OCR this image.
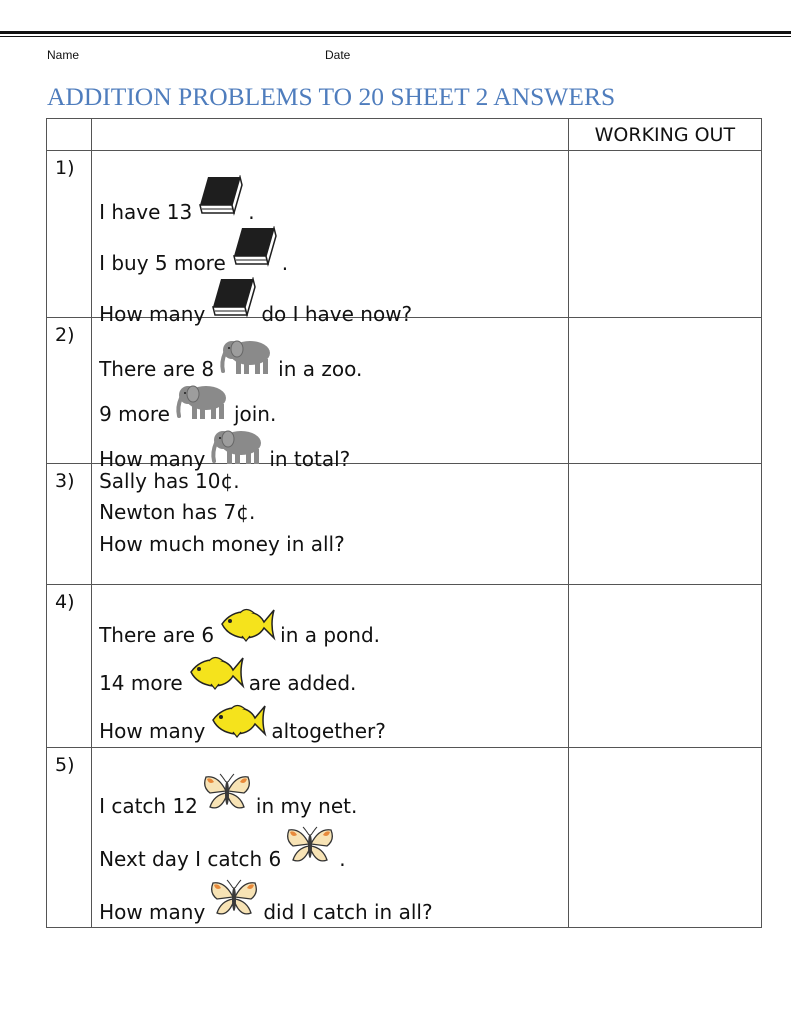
Name	Date
ADDITION PROBLEMS TO 20 SHEET 2 ANSWERS
		WORKING OUT
1)	I have 13 .
I buy 5 more .
How many do I have now?	

2)	There are 8 in a zoo.
9 more join.
How many in total?	

3)	Sally has 10¢.
Newton has 7¢.
How much money in all?	

4)	There are 6 in a pond.
14 more are added.
How many altogether?	

5)	I catch 12 in my net.
Next day I catch 6 .
How many did I catch in all?	
